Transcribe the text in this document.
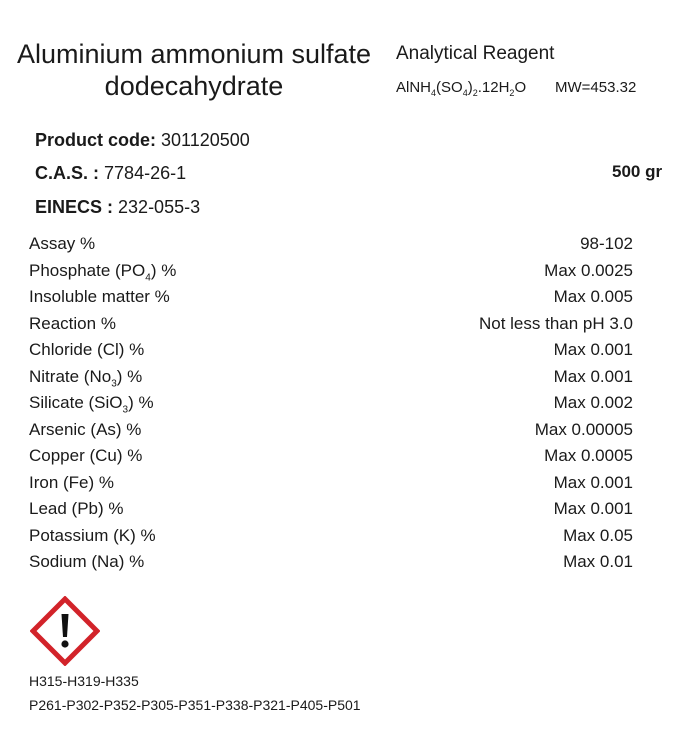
Aluminium ammonium sulfate
dodecahydrate
Analytical Reagent
$AlNH_4(SO_4)_2.12H_2O$ MW=453.32
Product code: 301120500
C.A.S. : 7784-26-1
EINECS : 232-055-3
500 gr
Assay %	98-102
Phosphate $(PO_4)$ %	Max 0.0025
Insoluble matter %	Max 0.005
Reaction %	Not less than pH 3.0
Chloride (Cl) %	Max 0.001
Nitrate $(No_3)$ %	Max 0.001
Silicate (SiO$_3$) %	Max 0.002
Arsenic (As) %	Max 0.00005
Copper (Cu) %	Max 0.0005
Iron (Fe) %	Max 0.001
Lead (Pb) %	Max 0.001
Potassium (K) %	Max 0.05
Sodium (Na) %	Max 0.01
H315-H319-H335
P261-P302-P352-P305-P351-P338-P321-P405-P501
